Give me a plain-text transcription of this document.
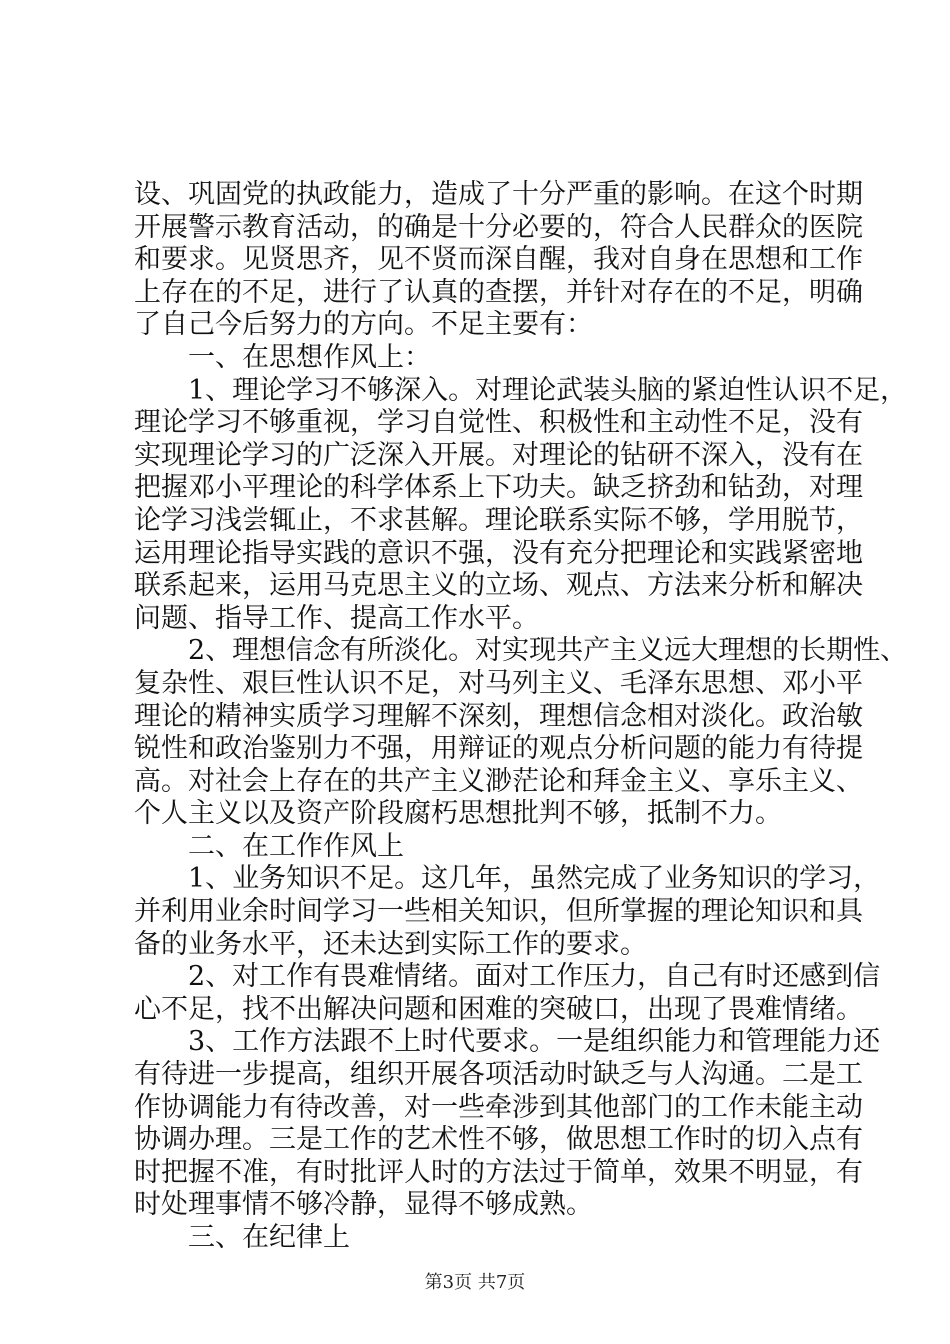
设、巩固党的执政能力，造成了十分严重的影响。在这个时期
开展警示教育活动，的确是十分必要的，符合人民群众的医院
和要求。见贤思齐，见不贤而深自醒，我对自身在思想和工作
上存在的不足，进行了认真的查摆，并针对存在的不足，明确
了自己今后努力的方向。不足主要有：
一、在思想作风上：
1、理论学习不够深入。对理论武装头脑的紧迫性认识不足，
理论学习不够重视，学习自觉性、积极性和主动性不足，没有
实现理论学习的广泛深入开展。对理论的钻研不深入，没有在
把握邓小平理论的科学体系上下功夫。缺乏挤劲和钻劲，对理
论学习浅尝辄止，不求甚解。理论联系实际不够，学用脱节，
运用理论指导实践的意识不强，没有充分把理论和实践紧密地
联系起来，运用马克思主义的立场、观点、方法来分析和解决
问题、指导工作、提高工作水平。
2、理想信念有所淡化。对实现共产主义远大理想的长期性、
复杂性、艰巨性认识不足，对马列主义、毛泽东思想、邓小平
理论的精神实质学习理解不深刻，理想信念相对淡化。政治敏
锐性和政治鉴别力不强，用辩证的观点分析问题的能力有待提
高。对社会上存在的共产主义渺茫论和拜金主义、享乐主义、
个人主义以及资产阶段腐朽思想批判不够，抵制不力。
二、在工作作风上
1、业务知识不足。这几年，虽然完成了业务知识的学习，
并利用业余时间学习一些相关知识，但所掌握的理论知识和具
备的业务水平，还未达到实际工作的要求。
2、对工作有畏难情绪。面对工作压力，自己有时还感到信
心不足，找不出解决问题和困难的突破口，出现了畏难情绪。
3、工作方法跟不上时代要求。一是组织能力和管理能力还
有待进一步提高，组织开展各项活动时缺乏与人沟通。二是工
作协调能力有待改善，对一些牵涉到其他部门的工作未能主动
协调办理。三是工作的艺术性不够，做思想工作时的切入点有
时把握不准，有时批评人时的方法过于简单，效果不明显，有
时处理事情不够冷静，显得不够成熟。
三、在纪律上
第3页 共7页
